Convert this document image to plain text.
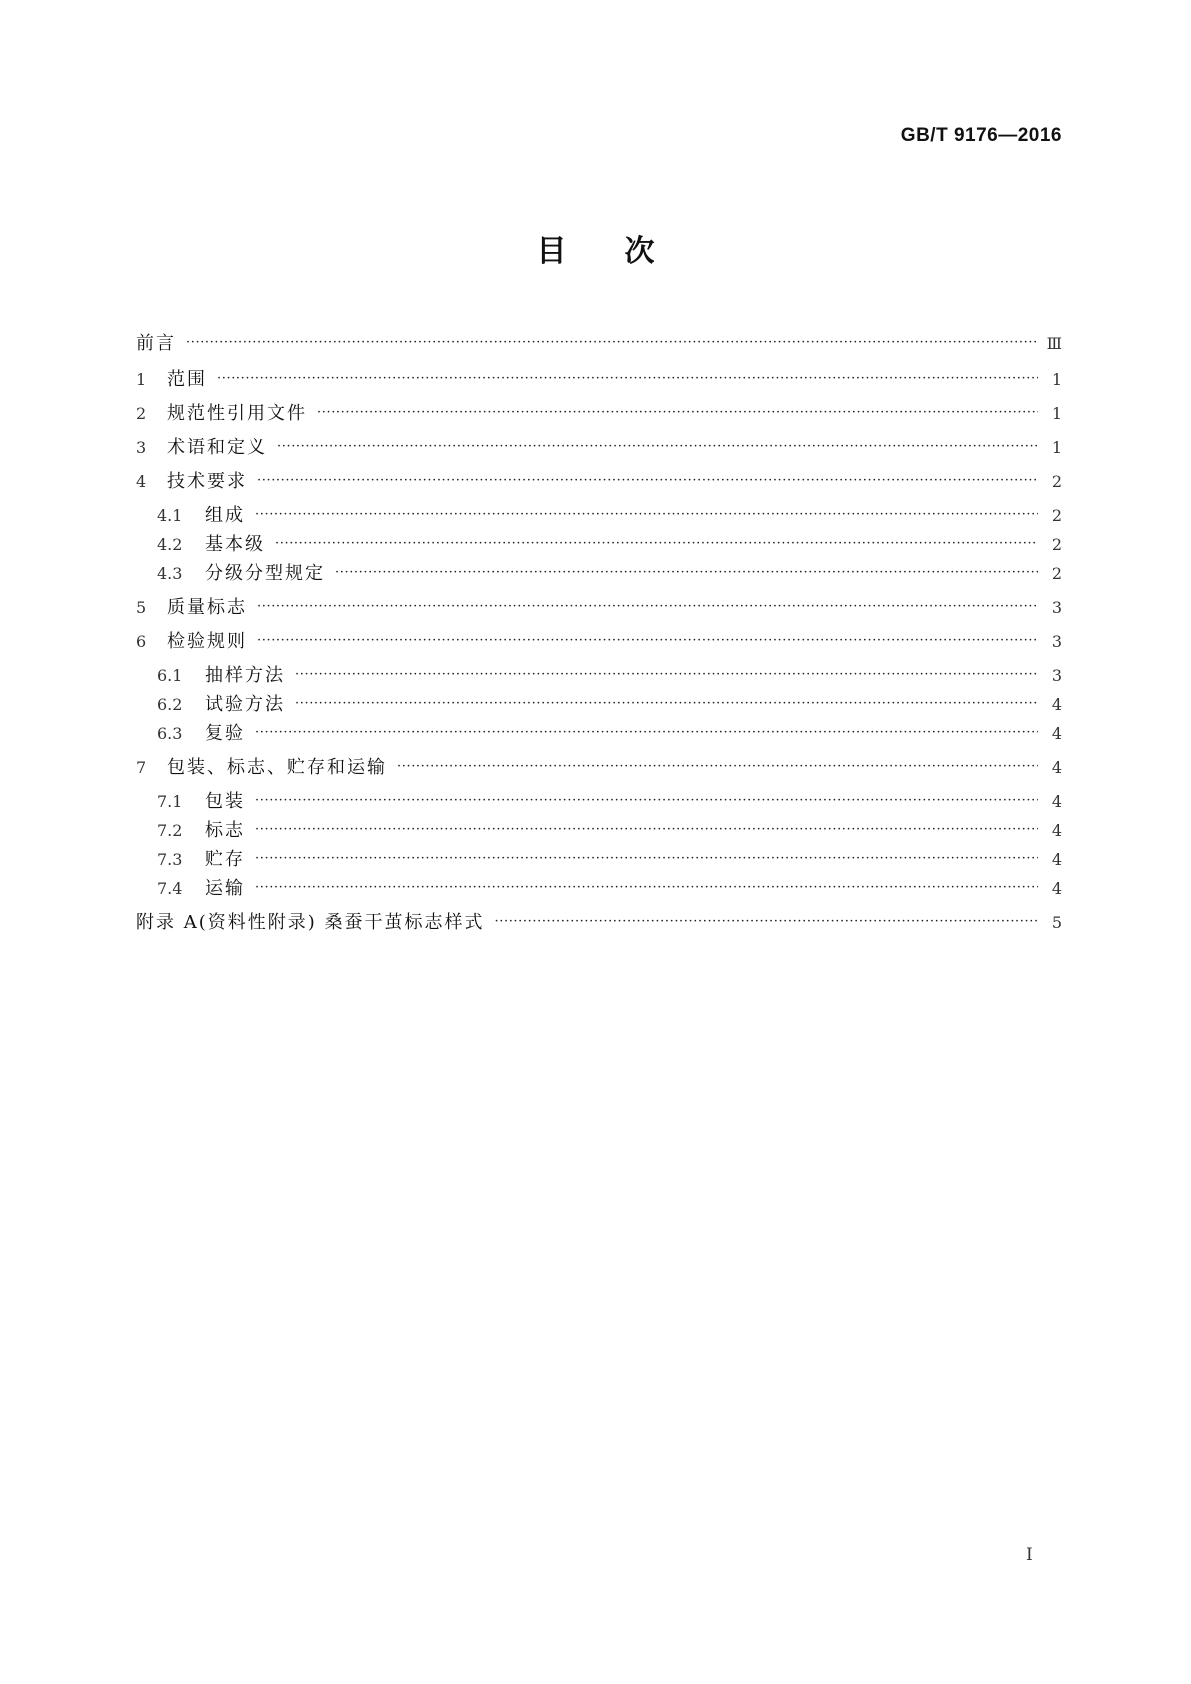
GB/T 9176—2016
目次
前言 ·····	Ⅲ
1	范围 ·····	1
2	规范性引用文件 ·····	1
3	术语和定义 ·····	1
4	技术要求 ·····	2
4.1	组成 ·····	2
4.2	基本级 ·····	2
4.3	分级分型规定 ·····	2
5	质量标志 ·····	3
6	检验规则 ·····	3
6.1	抽样方法 ·····	3
6.2	试验方法 ·····	4
6.3	复验 ·····	4
7	包装、标志、贮存和运输 ·····	4
7.1	包装 ·····	4
7.2	标志 ·····	4
7.3	贮存 ·····	4
7.4	运输 ·····	4
附录 A(资料性附录) 桑蚕干茧标志样式 ·····	5
I
